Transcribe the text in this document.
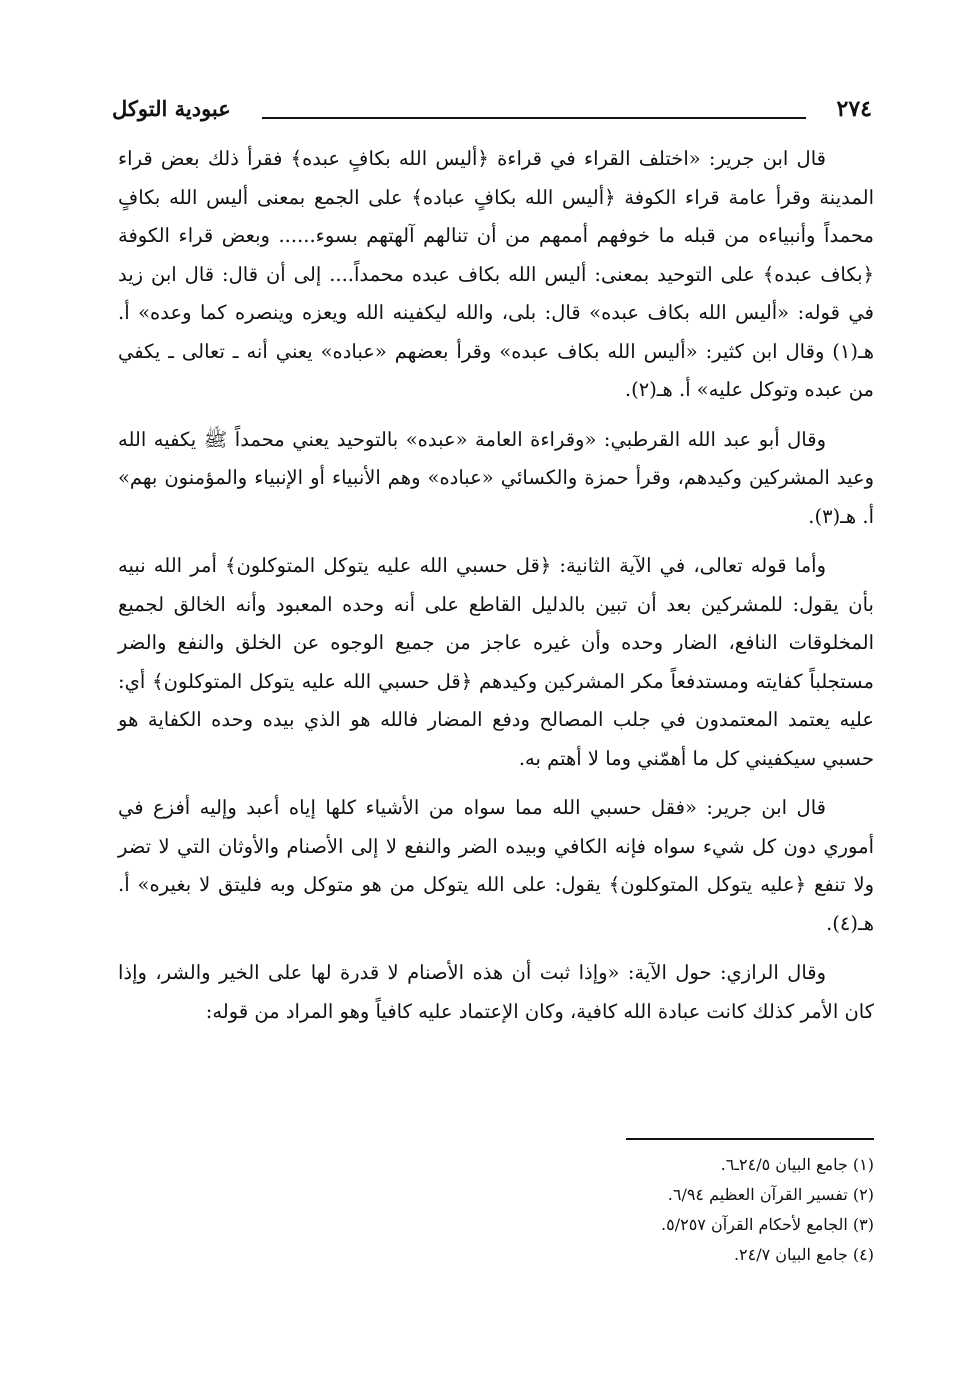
٢٧٤
عبودية التوكل

قال ابن جرير: «اختلف القراء في قراءة ﴿أليس الله بكافٍ عبده﴾ فقرأ ذلك بعض قراء المدينة وقرأ عامة قراء الكوفة ﴿أليس الله بكافٍ عباده﴾ على الجمع بمعنى أليس الله بكافٍ محمداً وأنبياءه من قبله ما خوفهم أممهم من أن تنالهم آلهتهم بسوء...... وبعض قراء الكوفة ﴿بكاف عبده﴾ على التوحيد بمعنى: أليس الله بكاف عبده محمداً.... إلى أن قال: قال ابن زيد في قوله: «أليس الله بكاف عبده» قال: بلى، والله ليكفينه الله ويعزه وينصره كما وعده» أ. هـ(١) وقال ابن كثير: «أليس الله بكاف عبده» وقرأ بعضهم «عباده» يعني أنه ـ تعالى ـ يكفي من عبده وتوكل عليه» أ. هـ(٢).

وقال أبو عبد الله القرطبي: «وقراءة العامة «عبده» بالتوحيد يعني محمداً ﷺ يكفيه الله وعيد المشركين وكيدهم، وقرأ حمزة والكسائي «عباده» وهم الأنبياء أو الإنبياء والمؤمنون بهم» أ. هـ(٣).

وأما قوله تعالى، في الآية الثانية: ﴿قل حسبي الله عليه يتوكل المتوكلون﴾ أمر الله نبيه بأن يقول: للمشركين بعد أن تبين بالدليل القاطع على أنه وحده المعبود وأنه الخالق لجميع المخلوقات النافع، الضار وحده وأن غيره عاجز من جميع الوجوه عن الخلق والنفع والضر مستجلباً كفايته ومستدفعاً مكر المشركين وكيدهم ﴿قل حسبي الله عليه يتوكل المتوكلون﴾ أي: عليه يعتمد المعتمدون في جلب المصالح ودفع المضار فالله هو الذي بيده وحده الكفاية هو حسبي سيكفيني كل ما أهمّني وما لا أهتم به.

قال ابن جرير: «فقل حسبي الله مما سواه من الأشياء كلها إياه أعبد وإليه أفزع في أموري دون كل شيء سواه فإنه الكافي وبيده الضر والنفع لا إلى الأصنام والأوثان التي لا تضر ولا تنفع ﴿عليه يتوكل المتوكلون﴾ يقول: على الله يتوكل من هو متوكل وبه فليتق لا بغيره» أ. هـ(٤).

وقال الرازي: حول الآية: «وإذا ثبت أن هذه الأصنام لا قدرة لها على الخير والشر، وإذا كان الأمر كذلك كانت عبادة الله كافية، وكان الإعتماد عليه كافياً وهو المراد من قوله:

(١) جامع البيان ٢٤/٥ـ٦.
(٢) تفسير القرآن العظيم ٦/٩٤.
(٣) الجامع لأحكام القرآن ٥/٢٥٧.
(٤) جامع البيان ٢٤/٧.
